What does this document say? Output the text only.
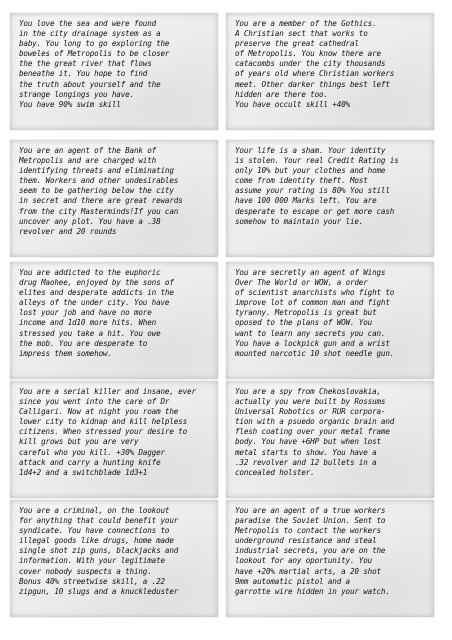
You love the sea and were found
in the city drainage system as a
baby. You long to go exploring the
boweles of Metropolis to be closer
the the great river that flows
beneathe it. You hope to find
the truth about yourself and the
strange longings you have.
You have 90% swim skill

You are a member of the Gothics.
A Christian sect that works to
preserve the great cathedral
of Metropolis. You know there are
catacombs under the city thousands
of years old where Christian workers
meet. Other darker things best left
hidden are there too.
You have occult skill +40%

You are an agent of the Bank of
Metropolis and are charged with
identifying threats and eliminating
them. Workers and other undesirables
seem to be gathering below the city
in secret and there are great rewards
from the city Masterminds!If you can
uncover any plot. You have a .38
revolver and 20 rounds

Your life is a sham. Your identity
is stolen. Your real Credit Rating is
only 10% but your clothes and home
come from identity theft. Most
assume your rating is 80% You still
have 100 000 Marks left. You are
desperate to escape or get more cash
somehow to maintain your lie.

You are addicted to the euphoric
drug Maohee, enjoyed by the sons of
elites and desperate addicts in the
alleys of the under city. You have
lost your job and have no more
income and 1d10 more hits. When
stressed you take a hit. You owe
the mob. You are desperate to
impress them somehow.

You are secretly an agent of Wings
Over The World or WOW, a order
of scientist anarchists who fight to
improve lot of common man and fight
tyranny. Metropolis is great but
oposed to the plans of WOW. You
want to learn any secrets you can.
You have a lockpick gun and a wrist
mounted narcotic 10 shot needle gun.

You are a serial killer and insane, ever
since you went into the care of Dr
Calligari. Now at night you roam the
lower city to kidnap and kill helpless
citizens. When stressed your desire to
kill grows but you are very
careful who you kill. +30% Dagger
attack and carry a hunting knife
1d4+2 and a switchblade 1d3+1

You are a spy from Chekoslovakia,
actually you were built by Rossums
Universal Robotics or RUR corpora-
tion with a psuedo organic brain and
flesh coating over your metal frame
body. You have +6HP but when lost
metal starts to show. You have a
.32 revolver and 12 bullets in a
concealed holster.

You are a criminal, on the lookout
for anything that could benefit your
syndicate. You have connections to
illegal goods like drugs, home made
single shot zip guns, blackjacks and
information. With your legitimate
cover nobody suspects a thing.
Bonus 40% streetwise skill, a .22
zipgun, 10 slugs and a knuckleduster

You are an agent of a true workers
paradise the Soviet Union. Sent to
Metropolis to contact the workers
underground resistance and steal
industrial secrets, you are on the
lookout for any oportunity. You
have +20% martial arts, a 20 shot
9mm automatic pistol and a
garrotte wire hidden in your watch.
